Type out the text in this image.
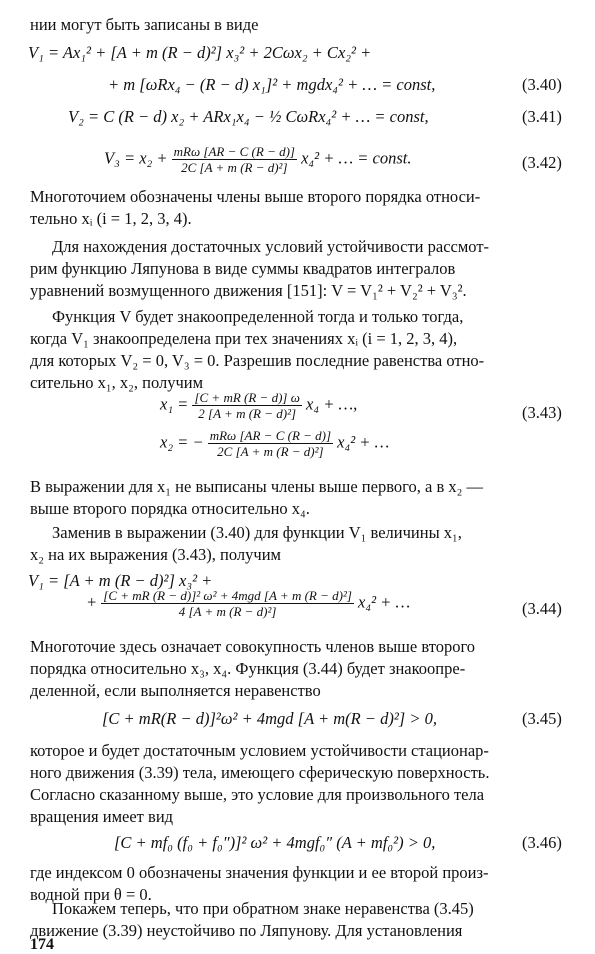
нии могут быть записаны в виде
V₁ = Ax₁² + [A + m (R − d)²] x₃² + 2Cωx₂ + Cx₂² +
+ m [ωRx₄ − (R − d) x₁]² + mgdx₄² + … = const,	(3.40)
V₂ = C (R − d) x₂ + ARx₁x₄ − ½ CωRx₄² + … = const,	(3.41)
$V_3 = x_2 + \frac{\text{mRω [AR − C (R − d)]}}{\text{2C [A + m (R − d)²]}} x_4^2$ + … = const.	(3.42)
Многоточием обозначены члены выше второго порядка относи-
тельно xᵢ (i = 1, 2, 3, 4).
Для нахождения достаточных условий устойчивости рассмот-
рим функцию Ляпунова в виде суммы квадратов интегралов
уравнений возмущенного движения [151]: V = V₁² + V₂² + V₃².
Функция V будет знакоопределенной тогда и только тогда,
когда V₁ знакоопределена при тех значениях xᵢ (i = 1, 2, 3, 4),
для которых V₂ = 0, V₃ = 0. Разрешив последние равенства отно-
сительно x₁, x₂, получим
$x_1 = \frac{[C + mR (R - d)] \omega}{\text{2 [A + m (R − d)²]}} x_4$ + …,	(3.43)
x₂ = − $\frac{\text{mRω [AR − C (R − d)]}}{\text{2C [A + m (R − d)²]}} x_4^2$ + …
В выражении для x₁ не выписаны члены выше первого, а в x₂ —
выше второго порядка относительно x₄.
Заменив в выражении (3.40) для функции V₁ величины x₁,
x₂ на их выражения (3.43), получим
V₁ = [A + m (R − d)²] x₃² +
+ $\frac{\text{[C + mR (R − d)]² ω² + 4mgd [A + m (R − d)²]}}{\text{4 [A + m (R − d)²]}} x_4^2$ + …	(3.44)
Многоточие здесь означает совокупность членов выше второго
порядка относительно x₃, x₄. Функция (3.44) будет знакоопре-
деленной, если выполняется неравенство
[C + mR(R − d)]²ω² + 4mgd [A + m(R − d)²] > 0,	(3.45)
которое и будет достаточным условием устойчивости стационар-
ного движения (3.39) тела, имеющего сферическую поверхность.
Согласно сказанному выше, это условие для произвольного тела
вращения имеет вид
[C + mf₀ (f₀ + f₀″)]² ω² + 4mgf₀″ (A + mf₀²) > 0,	(3.46)
где индексом 0 обозначены значения функции и ее второй произ-
водной при θ = 0.
Покажем теперь, что при обратном знаке неравенства (3.45)
движение (3.39) неустойчиво по Ляпунову. Для установления
174
